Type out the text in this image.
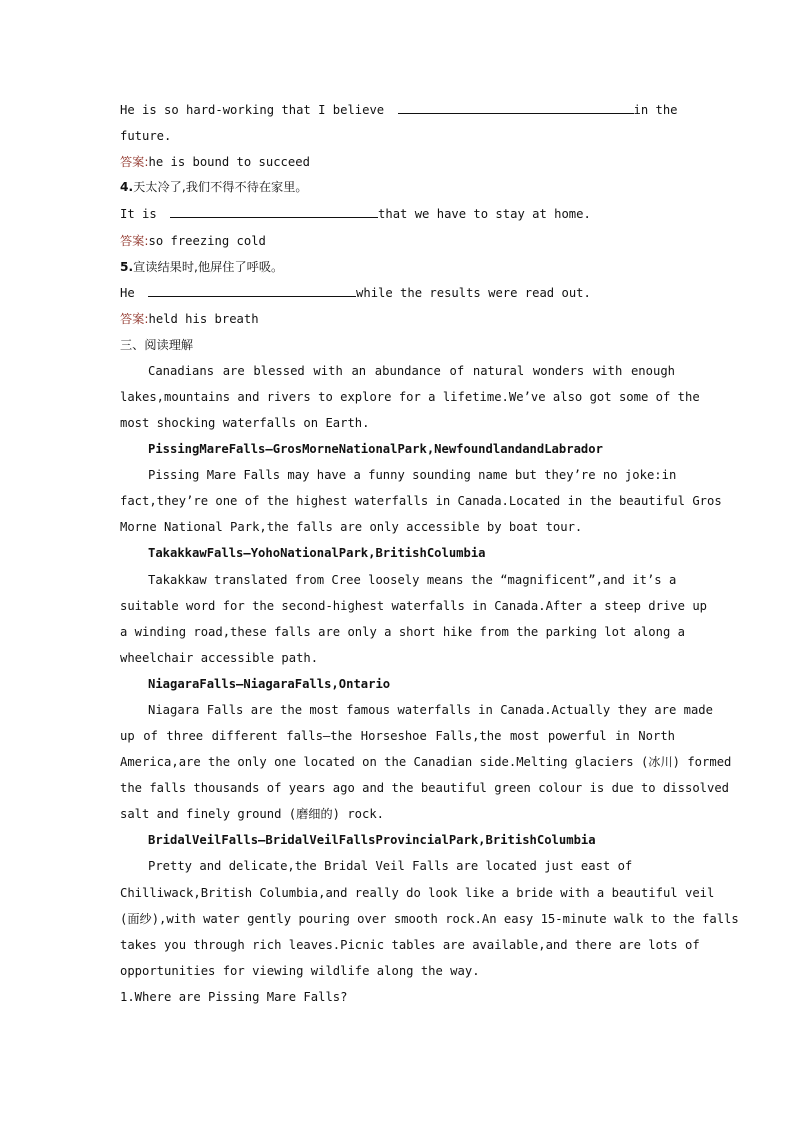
He is so hard-working that I believe	in the
future.
答案:he is bound to succeed
4.天太冷了,我们不得不待在家里。
It is	that we have to stay at home.
答案:so freezing cold
5.宣读结果时,他屏住了呼吸。
He	while the results were read out.
答案:held his breath
三、阅读理解
Canadians are blessed with an abundance of natural wonders with enough
lakes,mountains and rivers to explore for a lifetime.We’ve also got some of the
most shocking waterfalls on Earth.
PissingMareFalls—GrosMorneNationalPark,NewfoundlandandLabrador
Pissing Mare Falls may have a funny sounding name but they’re no joke:in
fact,they’re one of the highest waterfalls in Canada.Located in the beautiful Gros
Morne National Park,the falls are only accessible by boat tour.
TakakkawFalls—YohoNationalPark,BritishColumbia
Takakkaw translated from Cree loosely means the “magnificent”,and it’s a
suitable word for the second-highest waterfalls in Canada.After a steep drive up
a winding road,these falls are only a short hike from the parking lot along a
wheelchair accessible path.
NiagaraFalls—NiagaraFalls,Ontario
Niagara Falls are the most famous waterfalls in Canada.Actually they are made
up of three different falls—the Horseshoe Falls,the most powerful in North
America,are the only one located on the Canadian side.Melting glaciers (冰川) formed
the falls thousands of years ago and the beautiful green colour is due to dissolved
salt and finely ground (磨细的) rock.
BridalVeilFalls—BridalVeilFallsProvincialPark,BritishColumbia
Pretty and delicate,the Bridal Veil Falls are located just east of
Chilliwack,British Columbia,and really do look like a bride with a beautiful veil
(面纱),with water gently pouring over smooth rock.An easy 15-minute walk to the falls
takes you through rich leaves.Picnic tables are available,and there are lots of
opportunities for viewing wildlife along the way.
1.Where are Pissing Mare Falls?
